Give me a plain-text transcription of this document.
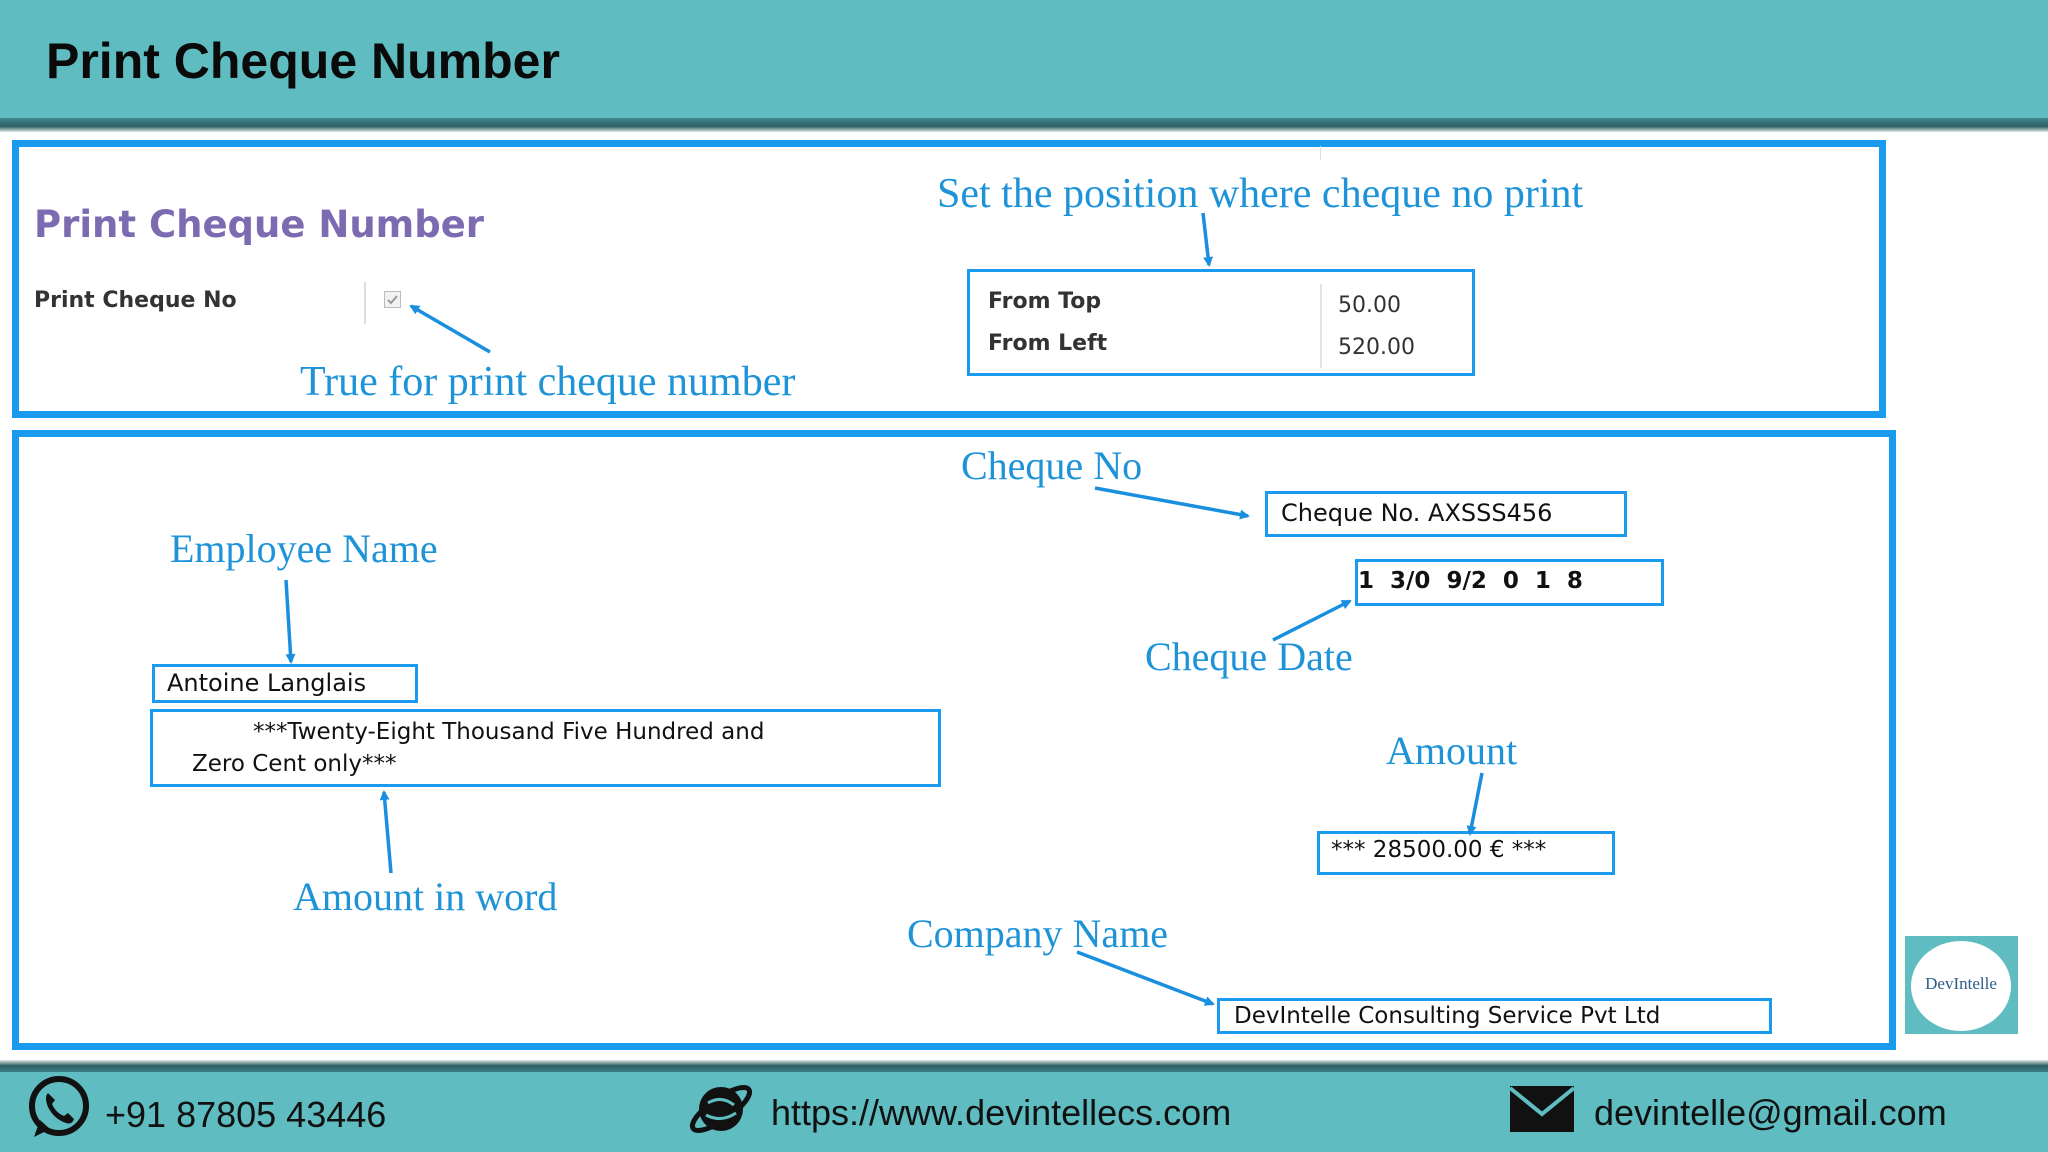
Print Cheque Number
Print Cheque Number
Print Cheque No
Set the position where cheque no print
True for print cheque number
From Top	50.00
From Left	520.00
Cheque No
Employee Name
Cheque Date
Amount
Amount in word
Company Name
Cheque No. AXSSS456
1  3/0  9/2  0  1  8
Antoine Langlais
***Twenty-Eight Thousand Five Hundred and
Zero Cent only***
*** 28500.00 € ***
DevIntelle Consulting Service Pvt Ltd
DevIntelle
+91 87805 43446	https://www.devintellecs.com	devintelle@gmail.com
